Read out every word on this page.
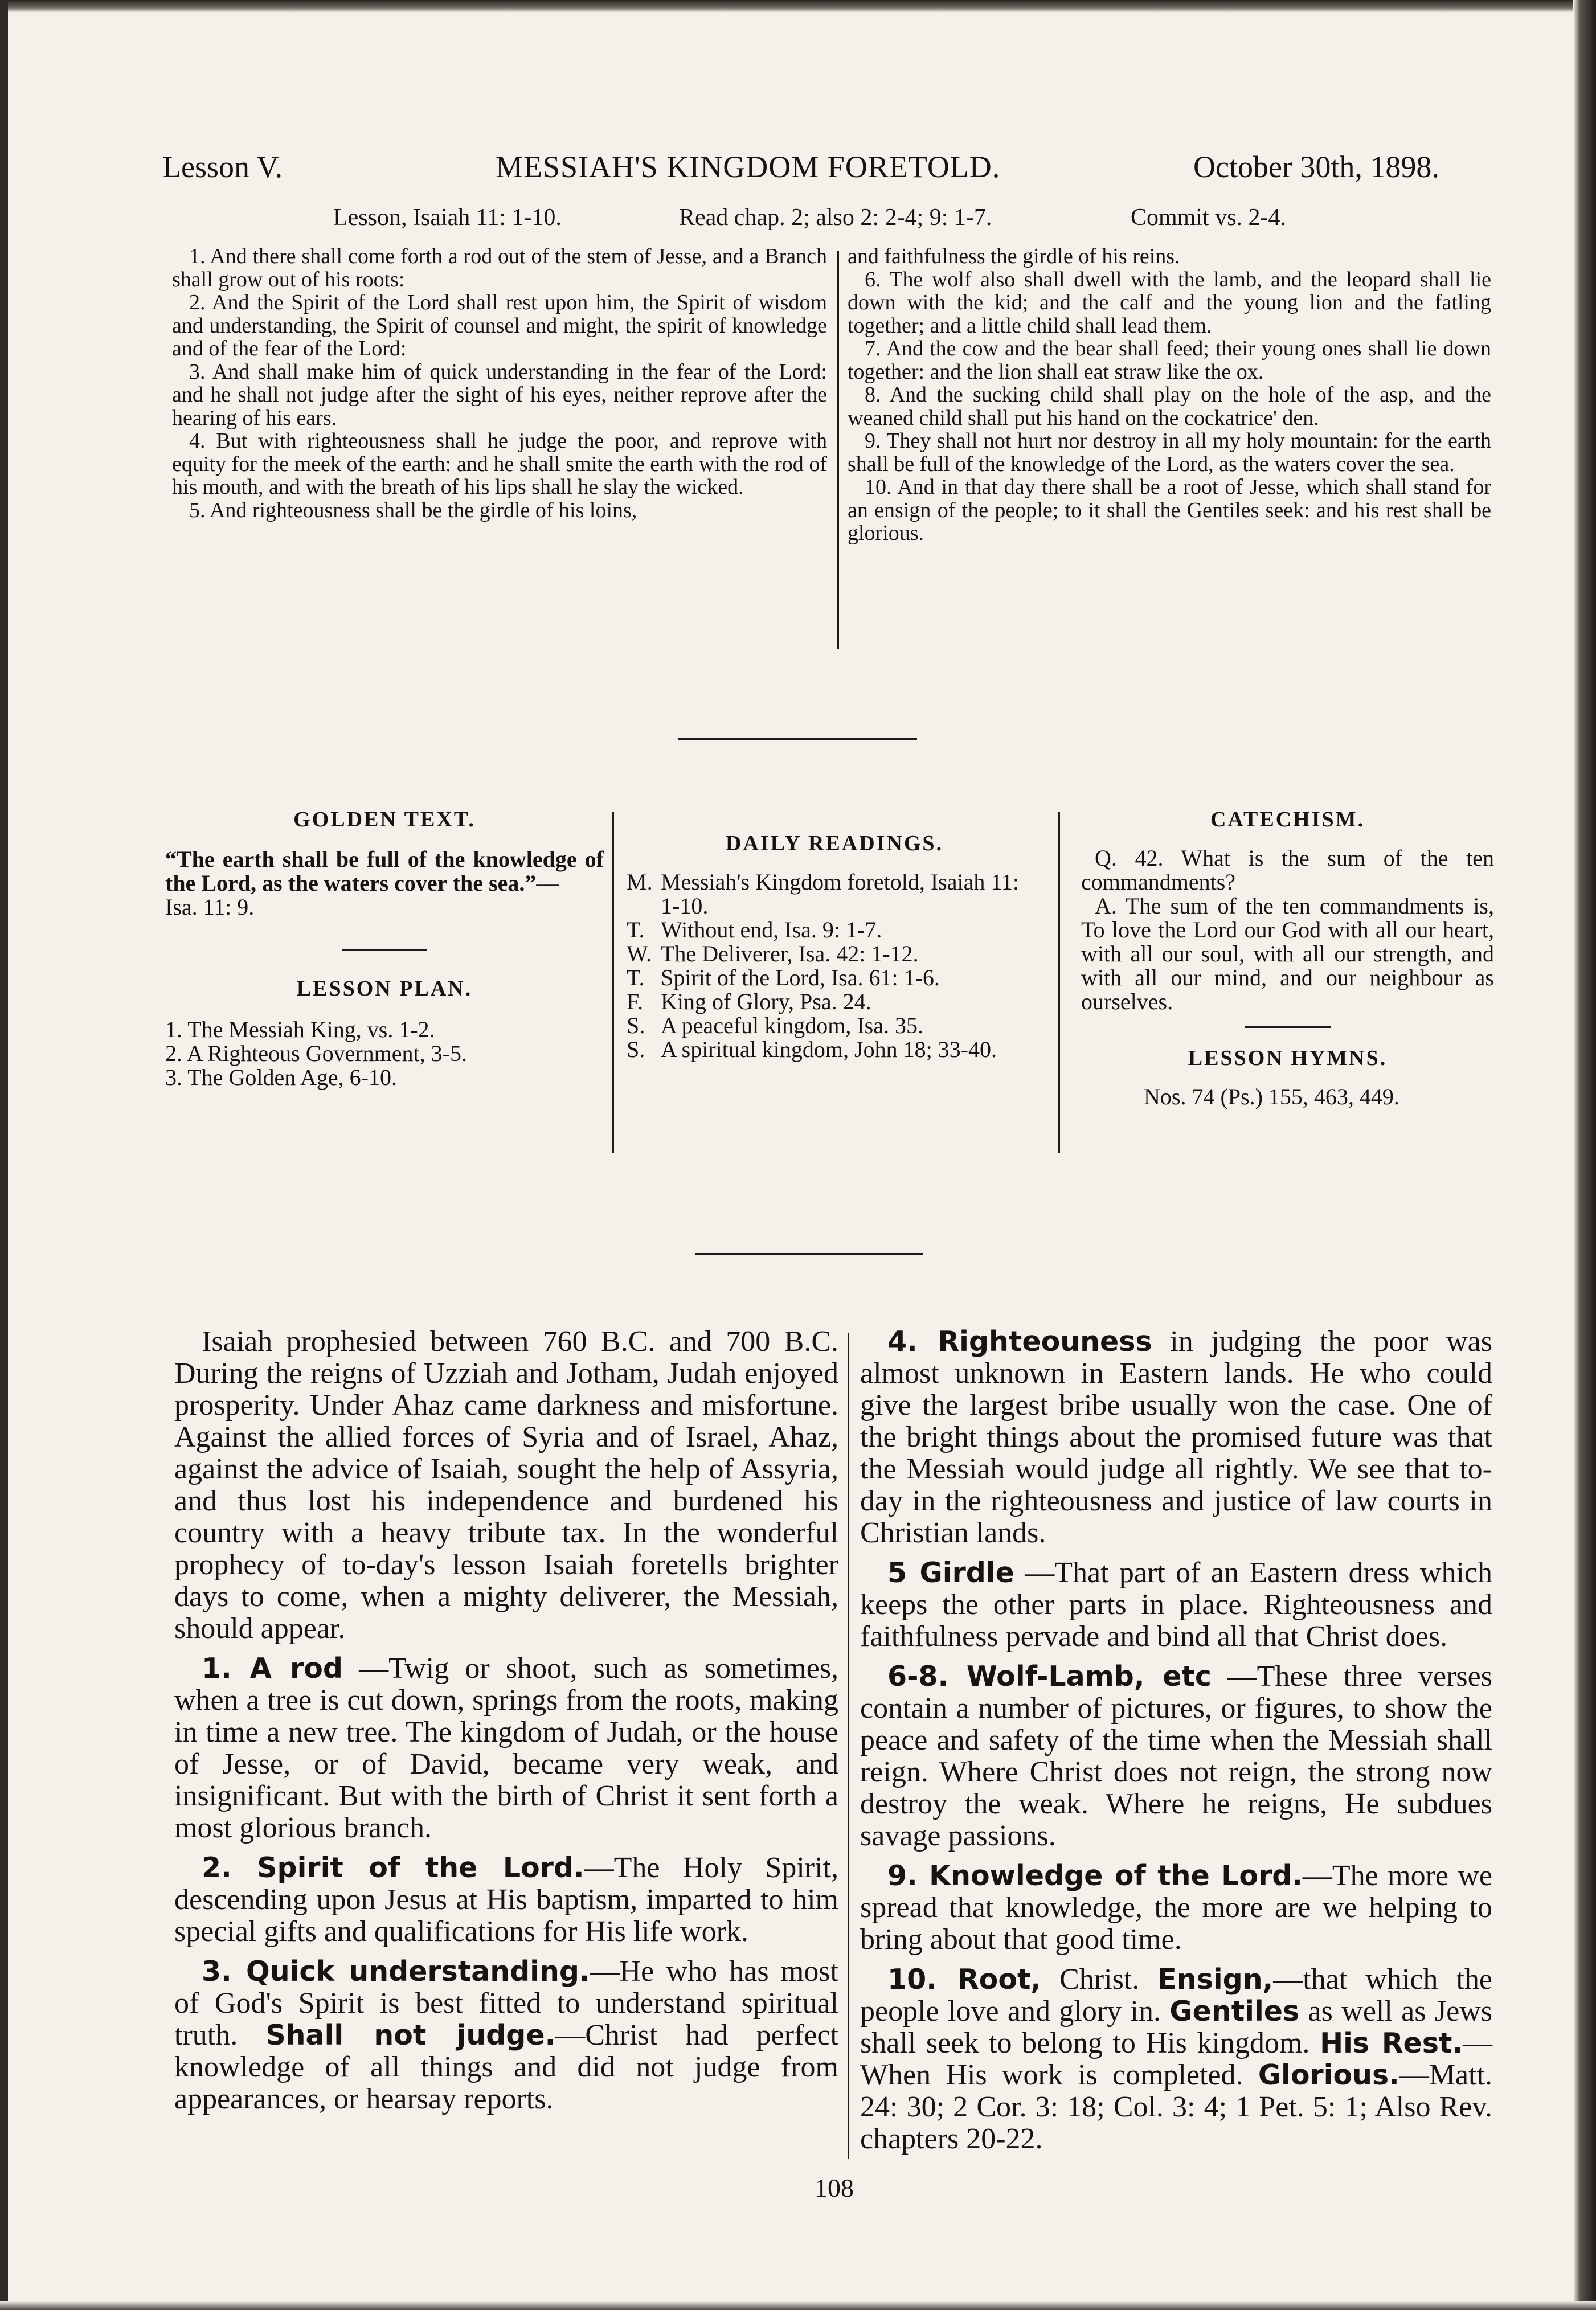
Lesson V.	MESSIAH'S KINGDOM FORETOLD.	October 30th, 1898.
Lesson, Isaiah 11: 1-10.	Read chap. 2; also 2: 2-4; 9: 1-7.	Commit vs. 2-4.

1. And there shall come forth a rod out of the stem of Jesse, and a Branch shall grow out of his roots:

2. And the Spirit of the Lord shall rest upon him, the Spirit of wisdom and understanding, the Spirit of counsel and might, the spirit of knowledge and of the fear of the Lord:

3. And shall make him of quick understanding in the fear of the Lord: and he shall not judge after the sight of his eyes, neither reprove after the hearing of his ears.

4. But with righteousness shall he judge the poor, and reprove with equity for the meek of the earth: and he shall smite the earth with the rod of his mouth, and with the breath of his lips shall he slay the wicked.

5. And righteousness shall be the girdle of his loins,

and faithfulness the girdle of his reins.

6. The wolf also shall dwell with the lamb, and the leopard shall lie down with the kid; and the calf and the young lion and the fatling together; and a little child shall lead them.

7. And the cow and the bear shall feed; their young ones shall lie down together: and the lion shall eat straw like the ox.

8. And the sucking child shall play on the hole of the asp, and the weaned child shall put his hand on the cockatrice' den.

9. They shall not hurt nor destroy in all my holy mountain: for the earth shall be full of the knowledge of the Lord, as the waters cover the sea.

10. And in that day there shall be a root of Jesse, which shall stand for an ensign of the people; to it shall the Gentiles seek: and his rest shall be glorious.

GOLDEN TEXT.
“The earth shall be full of the knowledge of the Lord, as the waters cover the sea.”—
Isa. 11: 9.
LESSON PLAN.
1. The Messiah King, vs. 1-2.
2. A Righteous Government, 3-5.
3. The Golden Age, 6-10.
DAILY READINGS.
M. Messiah's Kingdom foretold, Isaiah 11: 1-10.
T. Without end, Isa. 9: 1-7.
W. The Deliverer, Isa. 42: 1-12.
T. Spirit of the Lord, Isa. 61: 1-6.
F. King of Glory, Psa. 24.
S. A peaceful kingdom, Isa. 35.
S. A spiritual kingdom, John 18; 33-40.
CATECHISM.
Q. 42. What is the sum of the ten commandments?
A. The sum of the ten commandments is, To love the Lord our God with all our heart, with all our soul, with all our strength, and with all our mind, and our neighbour as ourselves.
LESSON HYMNS.
Nos. 74 (Ps.) 155, 463, 449.

Isaiah prophesied between 760 B.C. and 700 B.C. During the reigns of Uzziah and Jotham, Judah enjoyed prosperity. Under Ahaz came darkness and misfortune. Against the allied forces of Syria and of Israel, Ahaz, against the advice of Isaiah, sought the help of Assyria, and thus lost his independence and burdened his country with a heavy tribute tax. In the wonderful prophecy of to-day's lesson Isaiah foretells brighter days to come, when a mighty deliverer, the Messiah, should appear.

1. A rod —Twig or shoot, such as sometimes, when a tree is cut down, springs from the roots, making in time a new tree. The kingdom of Judah, or the house of Jesse, or of David, became very weak, and insignificant. But with the birth of Christ it sent forth a most glorious branch.

2. Spirit of the Lord.—The Holy Spirit, descending upon Jesus at His baptism, imparted to him special gifts and qualifications for His life work.

3. Quick understanding.—He who has most of God's Spirit is best fitted to understand spiritual truth. Shall not judge.—Christ had perfect knowledge of all things and did not judge from appearances, or hearsay reports.

4. Righteouness in judging the poor was almost unknown in Eastern lands. He who could give the largest bribe usually won the case. One of the bright things about the promised future was that the Messiah would judge all rightly. We see that to-day in the righteousness and justice of law courts in Christian lands.

5 Girdle —That part of an Eastern dress which keeps the other parts in place. Righteousness and faithfulness pervade and bind all that Christ does.

6-8. Wolf-Lamb, etc —These three verses contain a number of pictures, or figures, to show the peace and safety of the time when the Messiah shall reign. Where Christ does not reign, the strong now destroy the weak. Where he reigns, He subdues savage passions.

9. Knowledge of the Lord.—The more we spread that knowledge, the more are we helping to bring about that good time.

10. Root, Christ. Ensign,—that which the people love and glory in. Gentiles as well as Jews shall seek to belong to His kingdom. His Rest.—When His work is completed. Glorious.—Matt. 24: 30; 2 Cor. 3: 18; Col. 3: 4; 1 Pet. 5: 1; Also Rev. chapters 20-22.

108
